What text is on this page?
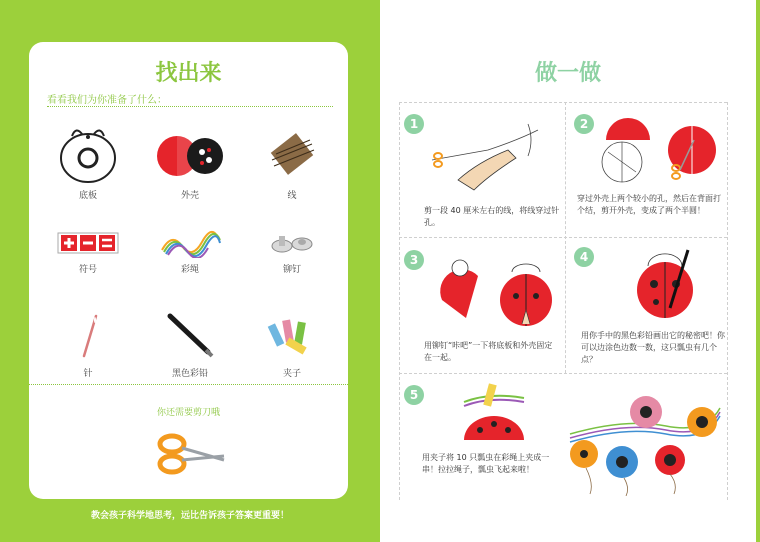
找出来
看看我们为你准备了什么：
底板	外壳	线
符号	彩绳	铆钉
针	黑色彩铅	夹子
你还需要剪刀哦
教会孩子科学地思考，远比告诉孩子答案更重要！
做一做
1
剪一段 40 厘米左右的线，将线穿过针孔。
2
穿过外壳上两个较小的孔，然后在背面打个结，剪开外壳，变成了两个半圆！
3
用铆钉“咔吧”一下将底板和外壳固定在一起。
4
用你手中的黑色彩铅画出它的秘密吧！你可以边涂色边数一数，这只瓢虫有几个点？
5
用夹子将 10 只瓢虫在彩绳上夹成一串！拉拉绳子，瓢虫飞起来啦！
